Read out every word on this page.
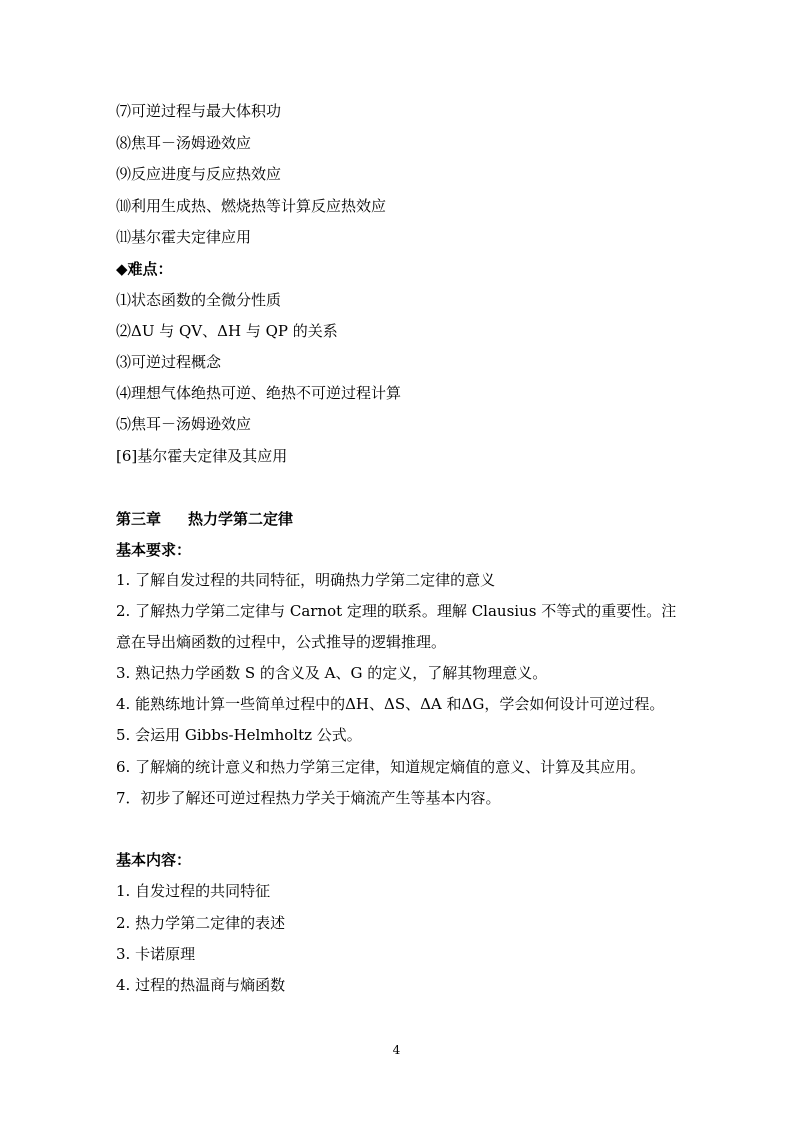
⑺可逆过程与最大体积功
⑻焦耳－汤姆逊效应
⑼反应进度与反应热效应
⑽利用生成热、燃烧热等计算反应热效应
⑾基尔霍夫定律应用
◆难点：
⑴状态函数的全微分性质
⑵ΔU 与 QV、ΔH 与 QP 的关系
⑶可逆过程概念
⑷理想气体绝热可逆、绝热不可逆过程计算
⑸焦耳－汤姆逊效应
[6]基尔霍夫定律及其应用
第三章 热力学第二定律
基本要求：
1. 了解自发过程的共同特征，明确热力学第二定律的意义
2. 了解热力学第二定律与 Carnot 定理的联系。理解 Clausius 不等式的重要性。注
意在导出熵函数的过程中，公式推导的逻辑推理。
3. 熟记热力学函数 S 的含义及 A、G 的定义，了解其物理意义。
4. 能熟练地计算一些简单过程中的ΔH、ΔS、ΔA 和ΔG，学会如何设计可逆过程。
5. 会运用 Gibbs-Helmholtz 公式。
6. 了解熵的统计意义和热力学第三定律，知道规定熵值的意义、计算及其应用。
7．初步了解还可逆过程热力学关于熵流产生等基本内容。
基本内容：
1. 自发过程的共同特征
2. 热力学第二定律的表述
3. 卡诺原理
4. 过程的热温商与熵函数
4
